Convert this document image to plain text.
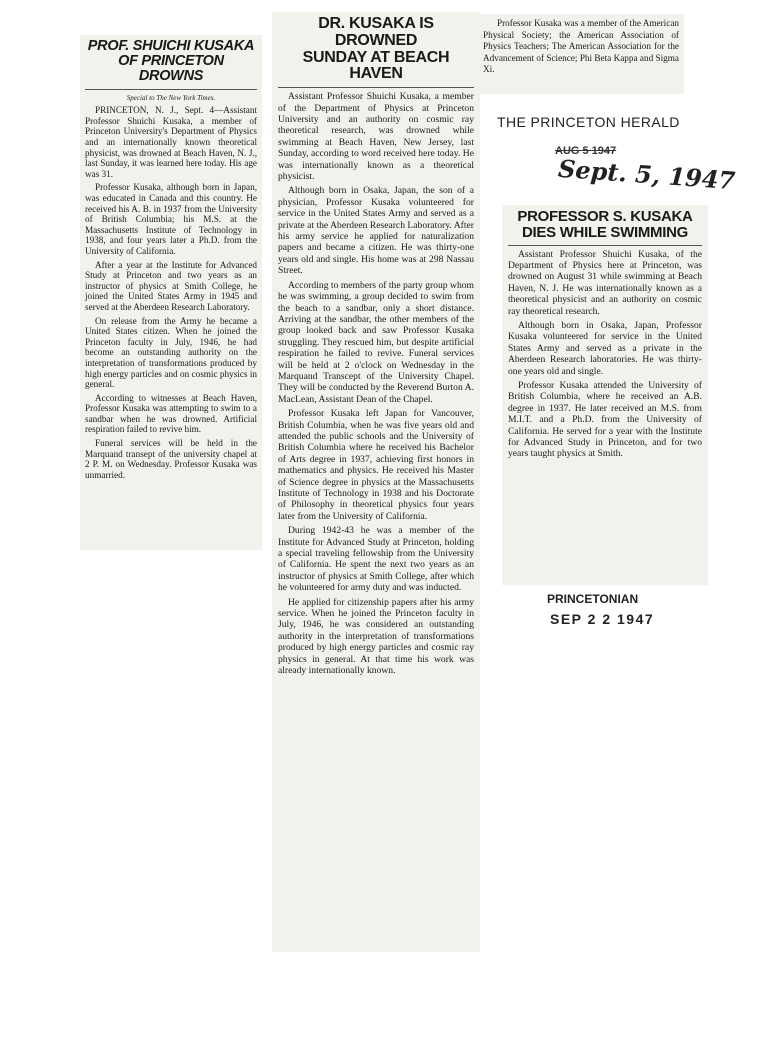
PROF. SHUICHI KUSAKA
OF PRINCETON DROWNS
Special to The New York Times.

PRINCETON, N. J., Sept. 4—Assistant Professor Shuichi Kusaka, a member of Princeton University's Department of Physics and an internationally known theoretical physicist, was drowned at Beach Haven, N. J., last Sunday, it was learned here today. His age was 31.

Professor Kusaka, although born in Japan, was educated in Canada and this country. He received his A. B. in 1937 from the University of British Columbia; his M.S. at the Massachusetts Institute of Technology in 1938, and four years later a Ph.D. from the University of California.

After a year at the Institute for Advanced Study at Princeton and two years as an instructor of physics at Smith College, he joined the United States Army in 1945 and served at the Aberdeen Research Laboratory.

On release from the Army he became a United States citizen. When he joined the Princeton faculty in July, 1946, he had become an outstanding authority on the interpretation of transformations produced by high energy particles and on cosmic physics in general.

According to witnesses at Beach Haven, Professor Kusaka was attempting to swim to a sandbar when he was drowned. Artificial respiration failed to revive him.

Funeral services will be held in the Marquand transept of the university chapel at 2 P. M. on Wednesday. Professor Kusaka was unmarried.

DR. KUSAKA IS DROWNED
SUNDAY AT BEACH HAVEN

Assistant Professor Shuichi Kusaka, a member of the Department of Physics at Princeton University and an authority on cosmic ray theoretical research, was drowned while swimming at Beach Haven, New Jersey, last Sunday, according to word received here today. He was internationally known as a theoretical physicist.

Although born in Osaka, Japan, the son of a physician, Professor Kusaka volunteered for service in the United States Army and served as a private at the Aberdeen Research Laboratory. After his army service he applied for naturalization papers and became a citizen. He was thirty-one years old and single. His home was at 298 Nassau Street.

According to members of the party group whom he was swimming, a group decided to swim from the beach to a sandbar, only a short distance. Arriving at the sandbar, the other members of the group looked back and saw Professor Kusaka struggling. They rescued him, but despite artificial respiration he failed to revive. Funeral services will be held at 2 o'clock on Wednesday in the Marquand Transcept of the University Chapel. They will be conducted by the Reverend Burton A. MacLean, Assistant Dean of the Chapel.

Professor Kusaka left Japan for Vancouver, British Columbia, when he was five years old and attended the public schools and the University of British Columbia where he received his Bachelor of Arts degree in 1937, achieving first honors in mathematics and physics. He received his Master of Science degree in physics at the Massachusetts Institute of Technology in 1938 and his Doctorate of Philosophy in theoretical physics four years later from the University of California.

During 1942-43 he was a member of the Institute for Advanced Study at Princeton, holding a special traveling fellowship from the University of California. He spent the next two years as an instructor of physics at Smith College, after which he volunteered for army duty and was inducted.

He applied for citizenship papers after his army service. When he joined the Princeton faculty in July, 1946, he was considered an outstanding authority in the interpretation of transformations produced by high energy particles and cosmic ray physics in general. At that time his work was already internationally known.

Professor Kusaka was a member of the American Physical Society; the American Association of Physics Teachers; The American Association for the Advancement of Science; Phi Beta Kappa and Sigma Xi.

THE PRINCETON HERALD
AUG 5 1947
Sept. 5, 1947
PROFESSOR S. KUSAKA
DIES WHILE SWIMMING

Assistant Professor Shuichi Kusaka, of the Department of Physics here at Princeton, was drowned on August 31 while swimming at Beach Haven, N. J. He was internationally known as a theoretical physicist and an authority on cosmic ray theoretical research.

Although born in Osaka, Japan, Professor Kusaka volunteered for service in the United States Army and served as a private in the Aberdeen Research laboratories. He was thirty-one years old and single.

Professor Kusaka attended the University of British Columbia, where he received an A.B. degree in 1937. He later received an M.S. from M.I.T. and a Ph.D. from the University of California. He served for a year with the Institute for Advanced Study in Princeton, and for two years taught physics at Smith.

PRINCETONIAN
SEP 2 2 1947
